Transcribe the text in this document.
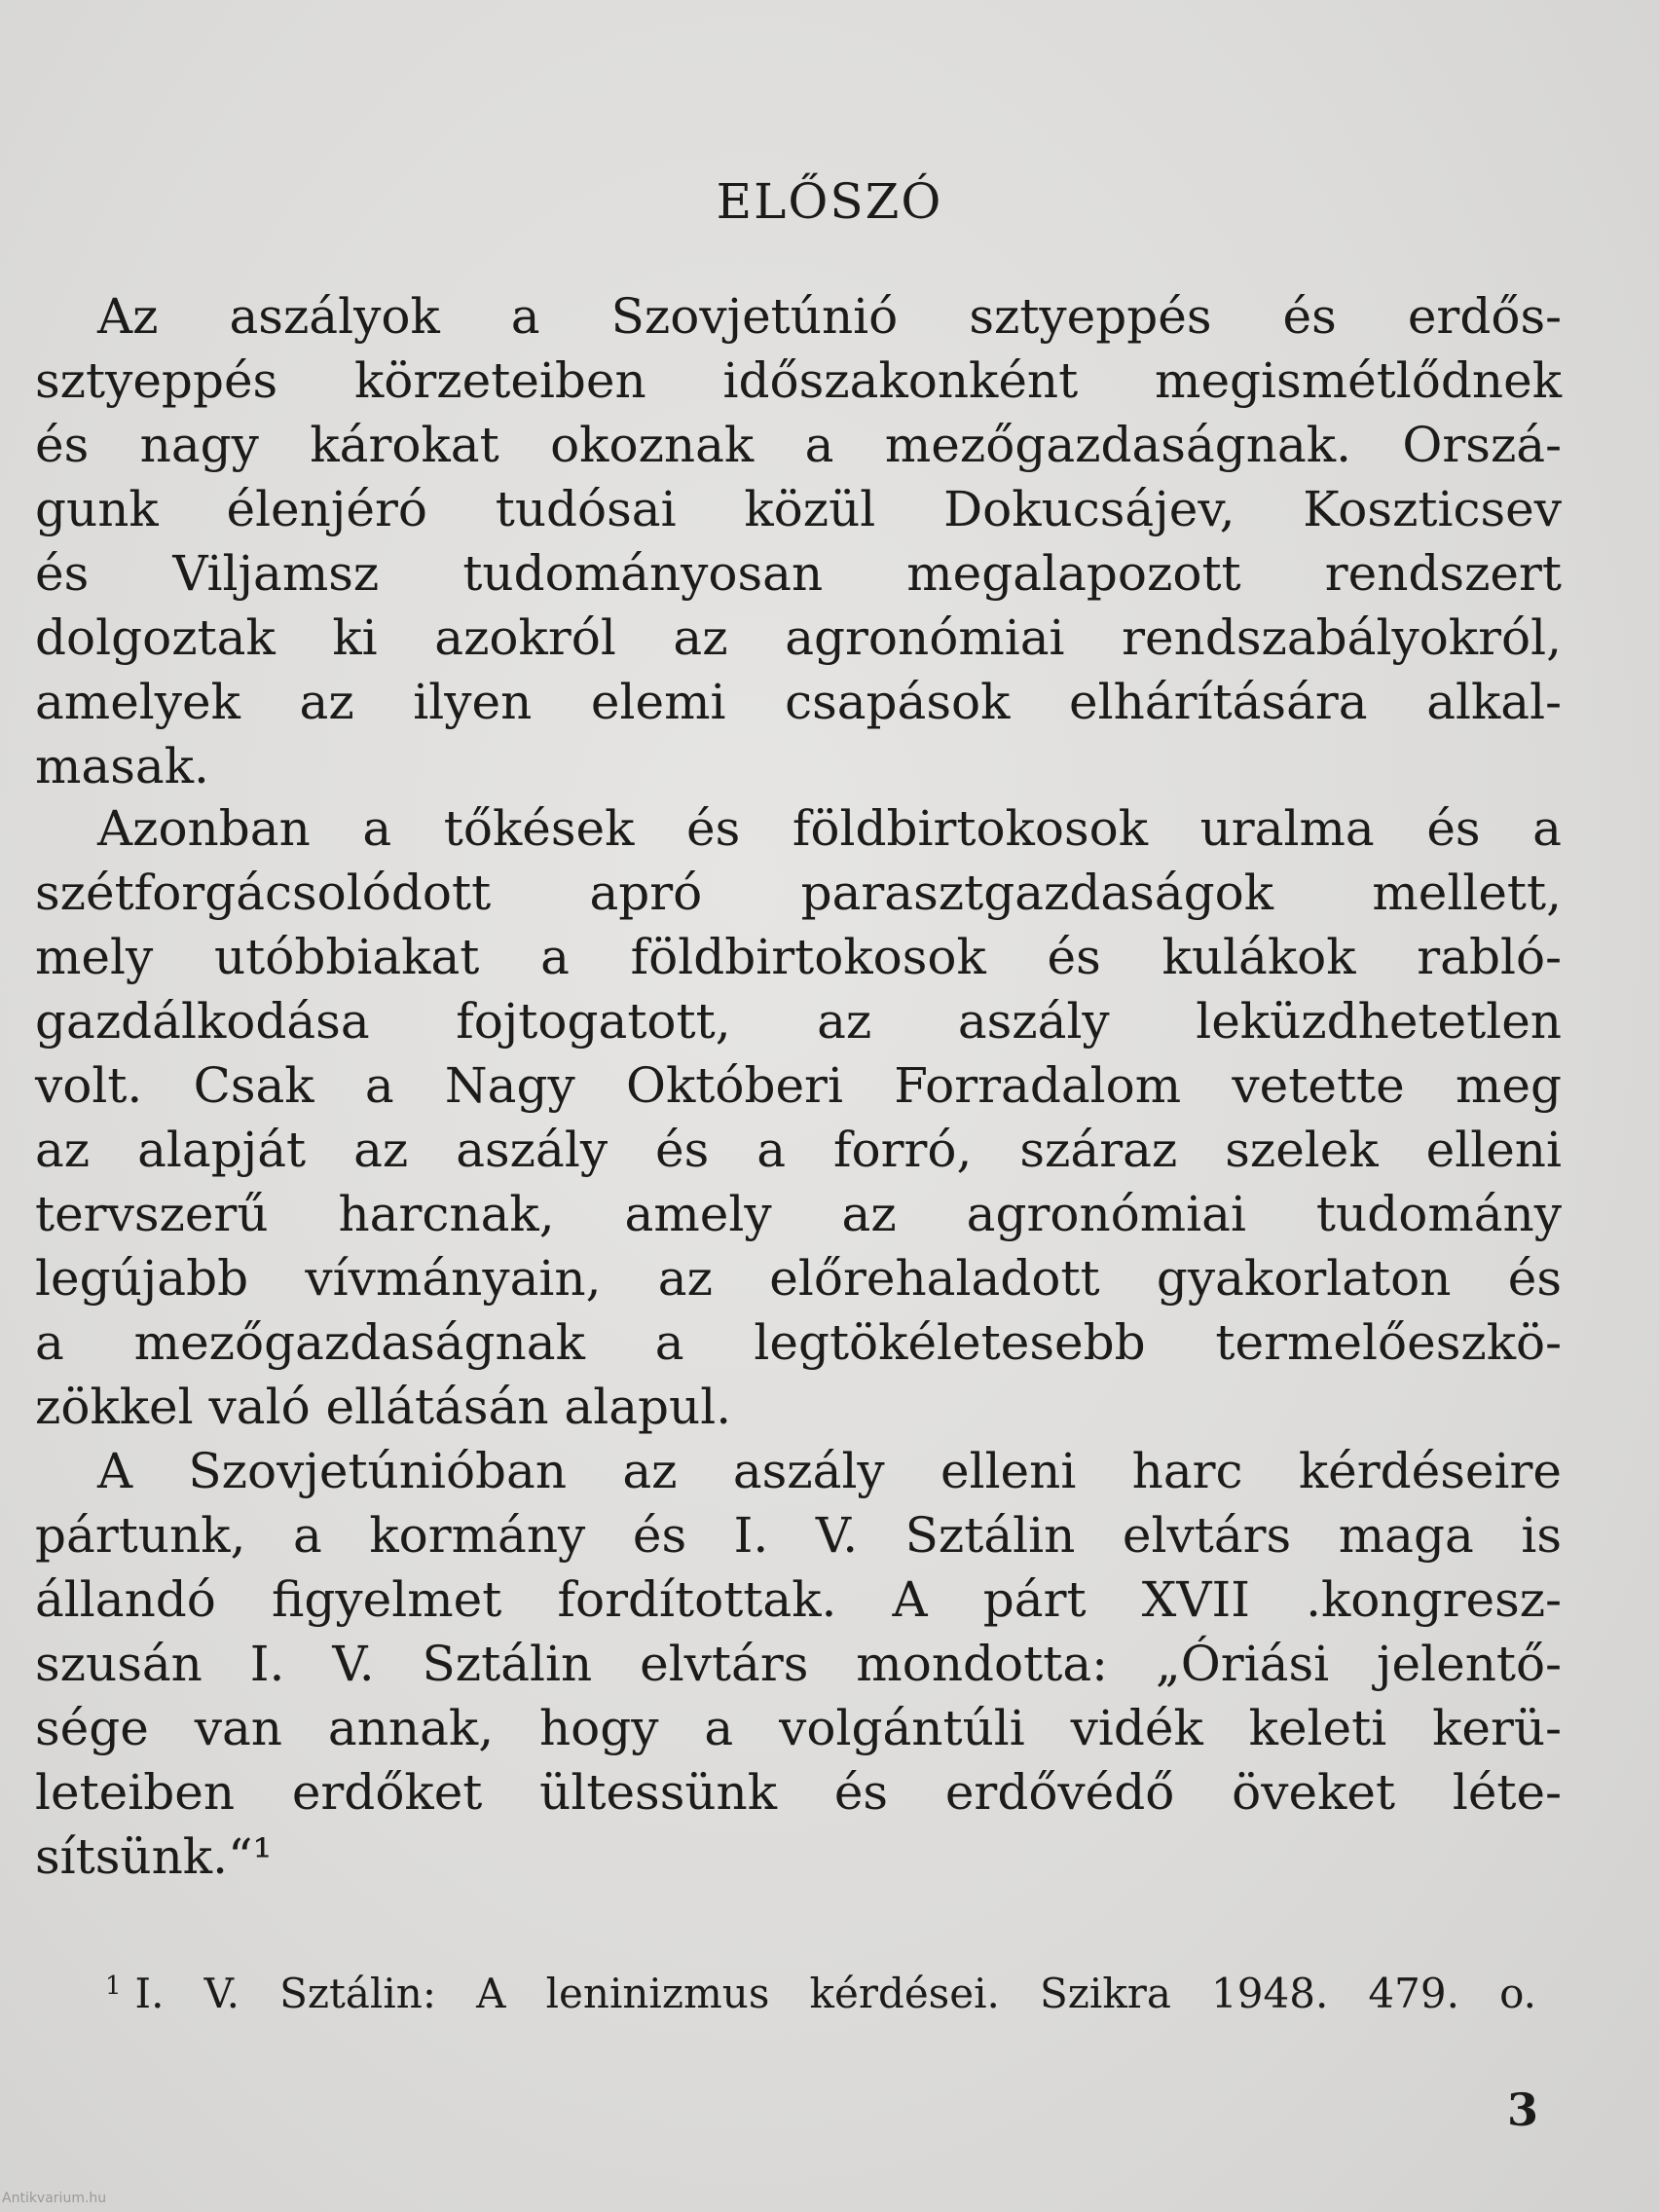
ELŐSZÓ

Az aszályok a Szovjetúnió sztyeppés és erdős-

sztyeppés körzeteiben időszakonként megismétlődnek

és nagy károkat okoznak a mezőgazdaságnak. Orszá-

gunk élenjéró tudósai közül Dokucsájev, Koszticsev

és Viljamsz tudományosan megalapozott rendszert

dolgoztak ki azokról az agronómiai rendszabályokról,

amelyek az ilyen elemi csapások elhárítására alkal-

masak.

Azonban a tőkések és földbirtokosok uralma és a

szétforgácsolódott apró parasztgazdaságok mellett,

mely utóbbiakat a földbirtokosok és kulákok rabló-

gazdálkodása fojtogatott, az aszály leküzdhetetlen

volt. Csak a Nagy Októberi Forradalom vetette meg

az alapját az aszály és a forró, száraz szelek elleni

tervszerű harcnak, amely az agronómiai tudomány

legújabb vívmányain, az előrehaladott gyakorlaton és

a mezőgazdaságnak a legtökéletesebb termelőeszkö-

zökkel való ellátásán alapul.

A Szovjetúnióban az aszály elleni harc kérdéseire

pártunk, a kormány és I. V. Sztálin elvtárs maga is

állandó figyelmet fordítottak. A párt XVII .kongresz-

szusán I. V. Sztálin elvtárs mondotta: „Óriási jelentő-

sége van annak, hogy a volgántúli vidék keleti kerü-

leteiben erdőket ültessünk és erdővédő öveket léte-

sítsünk.“¹

$^1$ I. V. Sztálin: A leninizmus kérdései. Szikra 1948. 479. o.

3

Antikvarium.hu
